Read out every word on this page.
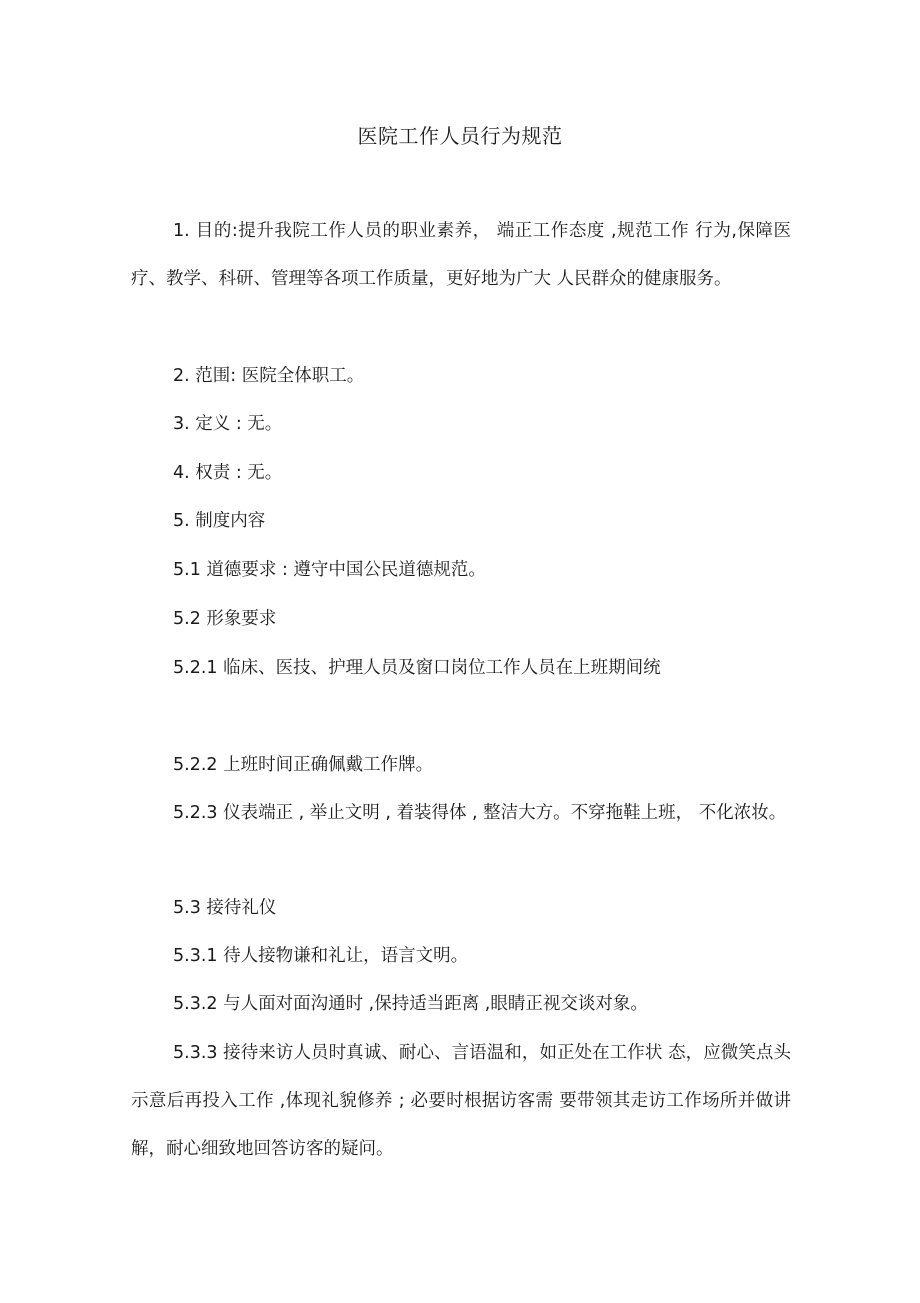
医院工作人员行为规范
1. 目的:提升我院工作人员的职业素养， 端正工作态度 ,规范工作 行为,保障医疗、教学、科研、管理等各项工作质量，更好地为广大 人民群众的健康服务。
2. 范围: 医院全体职工。
3. 定义 : 无。
4. 权责 : 无。
5. 制度内容
5.1 道德要求 : 遵守中国公民道德规范。
5.2 形象要求
5.2.1 临床、医技、护理人员及窗口岗位工作人员在上班期间统
5.2.2 上班时间正确佩戴工作牌。
5.2.3 仪表端正 , 举止文明 , 着装得体 , 整洁大方。不穿拖鞋上班， 不化浓妆。
5.3 接待礼仪
5.3.1 待人接物谦和礼让，语言文明。
5.3.2 与人面对面沟通时 ,保持适当距离 ,眼睛正视交谈对象。
5.3.3 接待来访人员时真诚、耐心、言语温和，如正处在工作状 态，应微笑点头示意后再投入工作 ,体现礼貌修养 ; 必要时根据访客需 要带领其走访工作场所并做讲解，耐心细致地回答访客的疑问。
